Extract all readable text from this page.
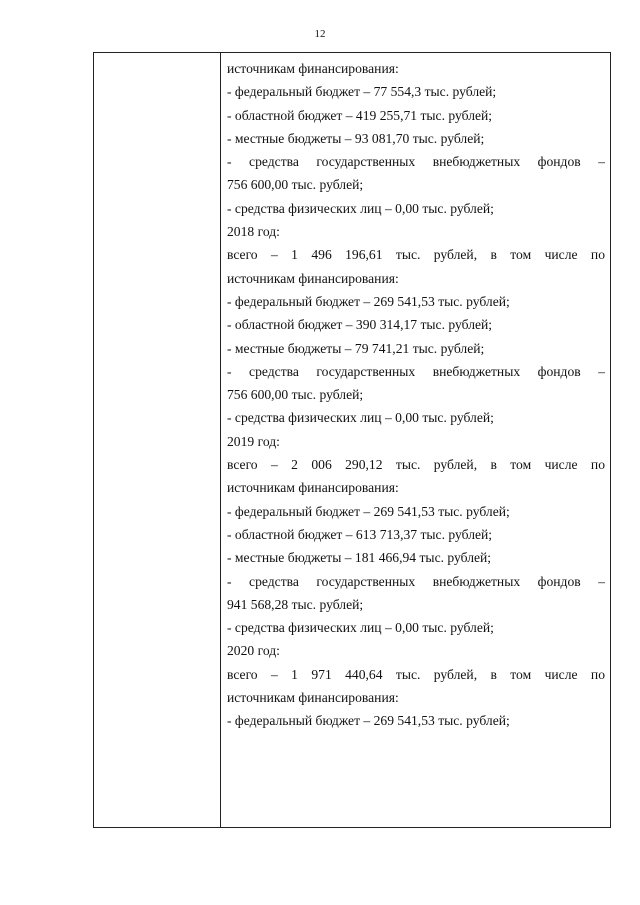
12
источникам финансирования:
- федеральный бюджет – 77 554,3 тыс. рублей;
- областной бюджет – 419 255,71 тыс. рублей;
- местные бюджеты – 93 081,70 тыс. рублей;
- средства государственных внебюджетных фондов –
756 600,00 тыс. рублей;
- средства физических лиц – 0,00 тыс. рублей;
2018 год:
всего – 1 496 196,61 тыс. рублей, в том числе по
источникам финансирования:
- федеральный бюджет – 269 541,53 тыс. рублей;
- областной бюджет – 390 314,17 тыс. рублей;
- местные бюджеты – 79 741,21 тыс. рублей;
- средства государственных внебюджетных фондов –
756 600,00 тыс. рублей;
- средства физических лиц – 0,00 тыс. рублей;
2019 год:
всего – 2 006 290,12 тыс. рублей, в том числе по
источникам финансирования:
- федеральный бюджет – 269 541,53 тыс. рублей;
- областной бюджет – 613 713,37 тыс. рублей;
- местные бюджеты – 181 466,94 тыс. рублей;
- средства государственных внебюджетных фондов –
941 568,28 тыс. рублей;
- средства физических лиц – 0,00 тыс. рублей;
2020 год:
всего – 1 971 440,64 тыс. рублей, в том числе по
источникам финансирования:
- федеральный бюджет – 269 541,53 тыс. рублей;
